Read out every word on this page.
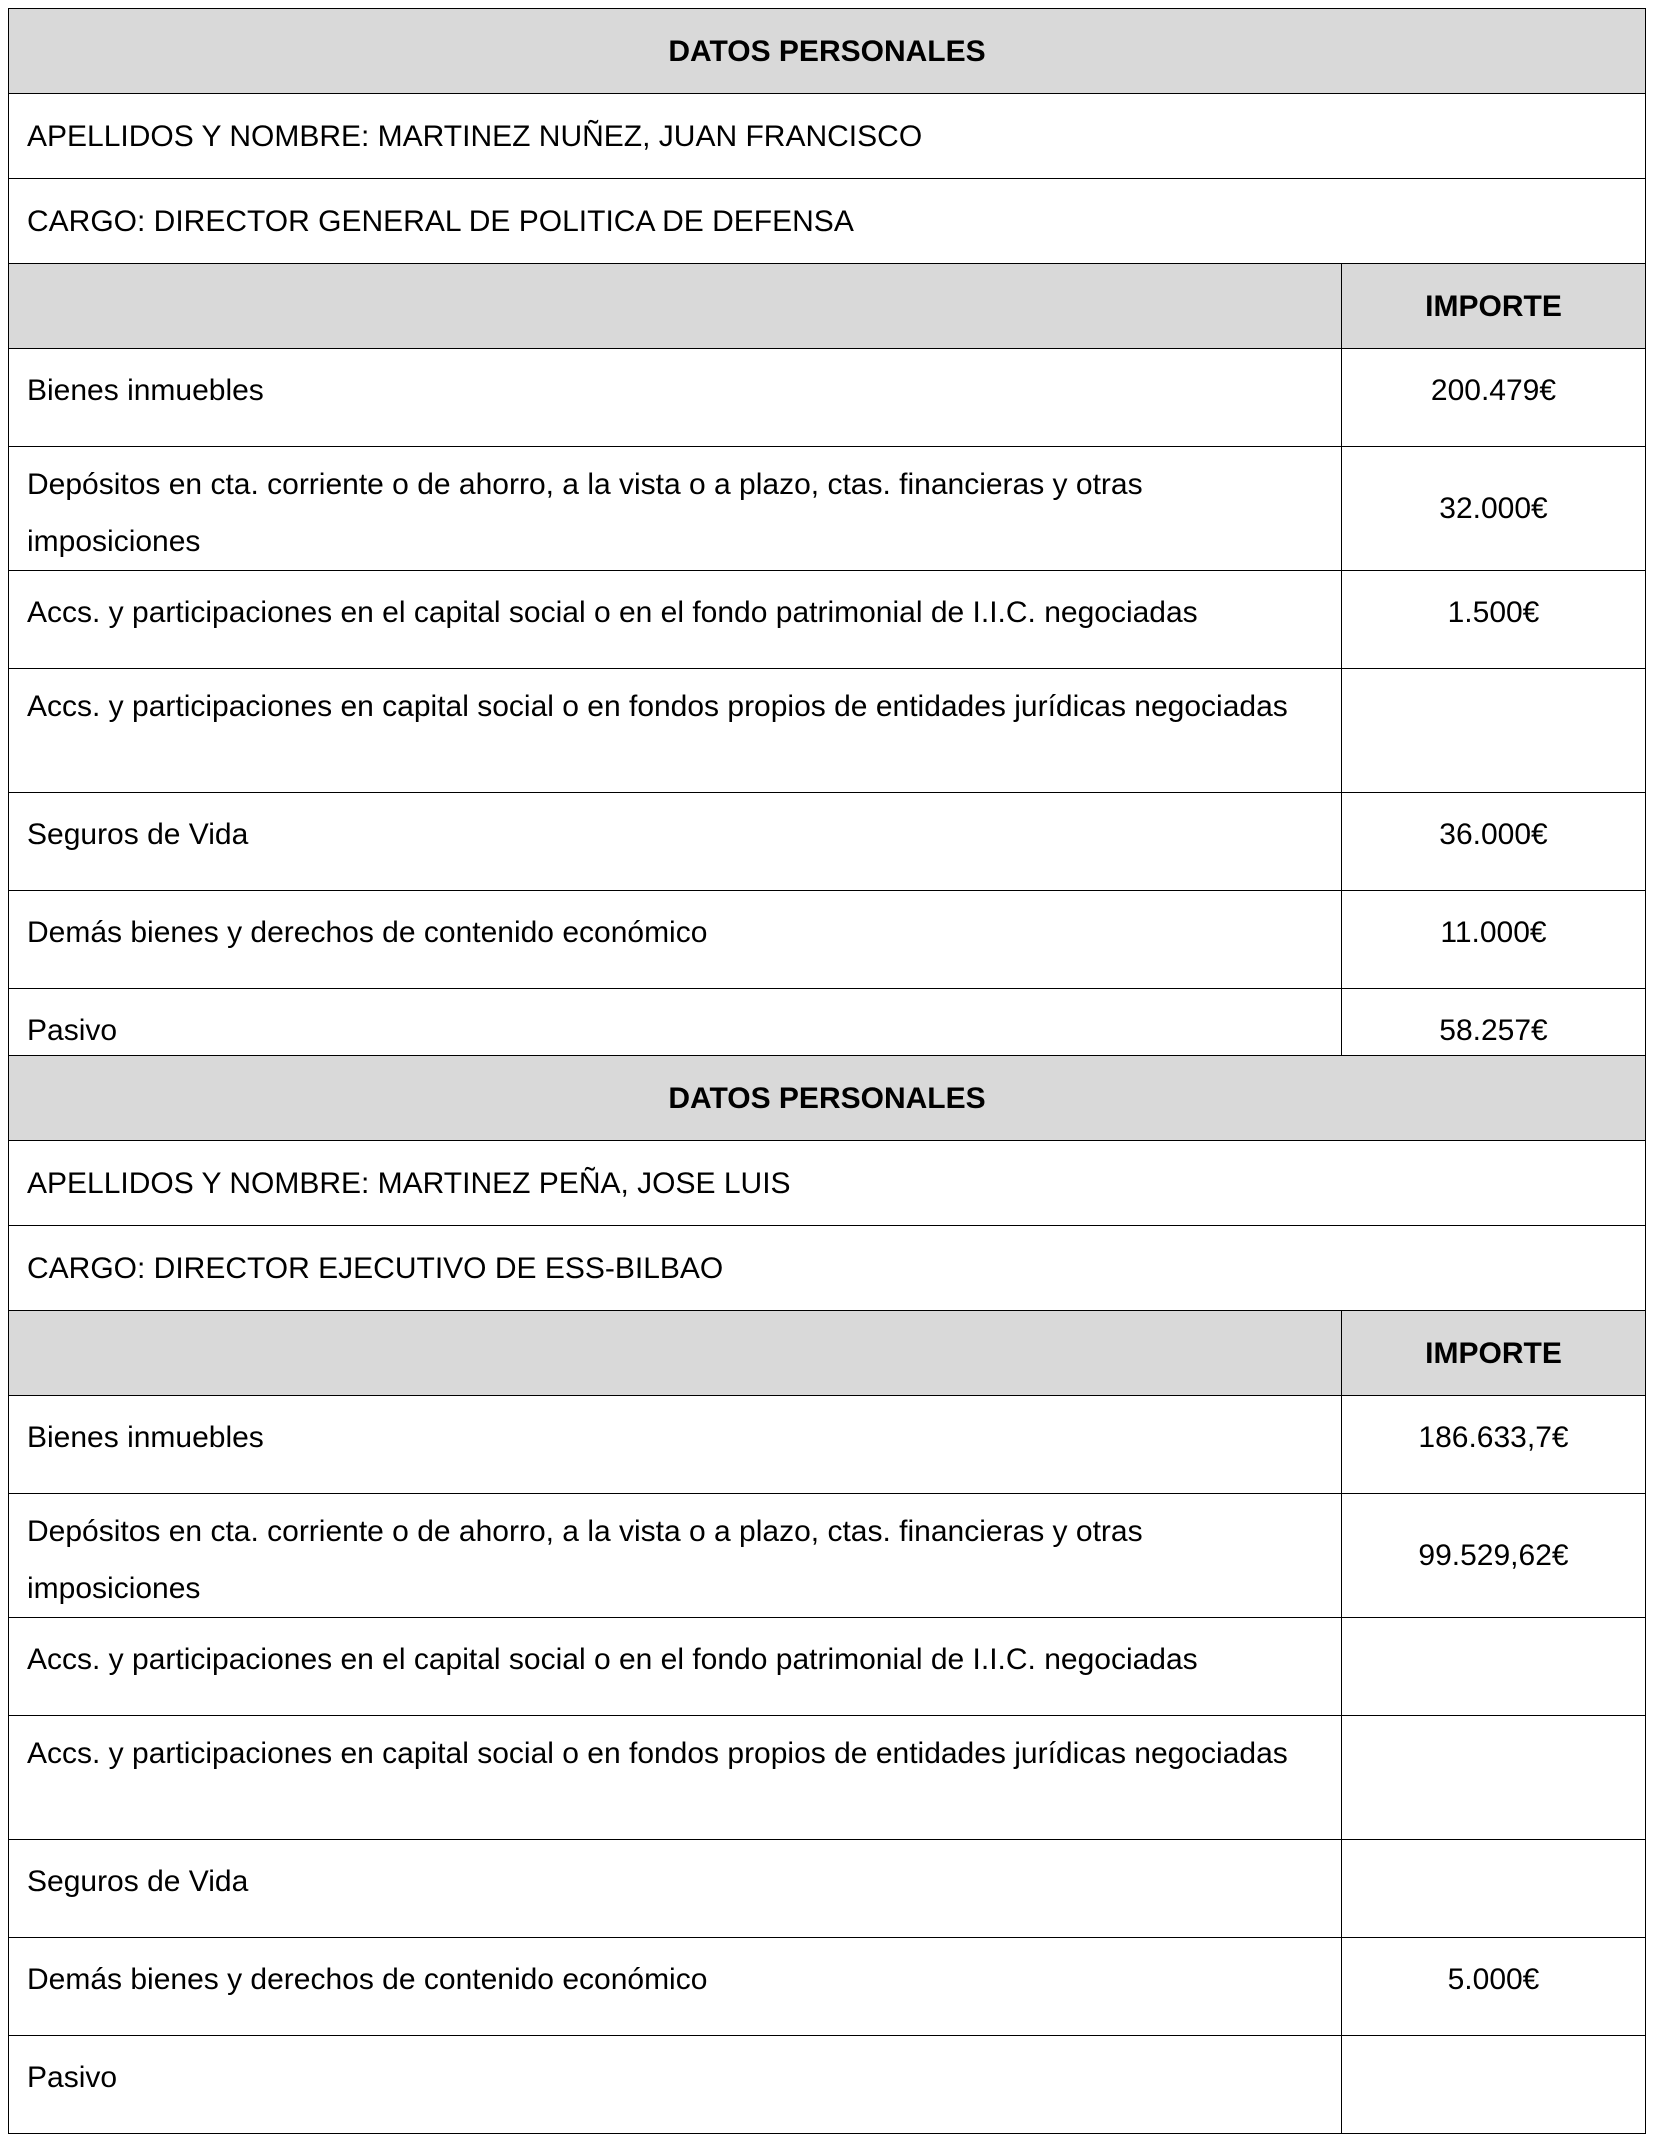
DATOS PERSONALES	
APELLIDOS Y NOMBRE: MARTINEZ NUÑEZ, JUAN FRANCISCO	
CARGO: DIRECTOR GENERAL DE POLITICA DE DEFENSA	
	IMPORTE
Bienes inmuebles	200.479€
Depósitos en cta. corriente o de ahorro, a la vista o a plazo, ctas. financieras y otras imposiciones	32.000€
Accs. y participaciones en el capital social o en el fondo patrimonial de I.I.C. negociadas	1.500€
Accs. y participaciones en capital social o en fondos propios de entidades jurídicas negociadas	
Seguros de Vida	36.000€
Demás bienes y derechos de contenido económico	11.000€
Pasivo	58.257€
DATOS PERSONALES	
APELLIDOS Y NOMBRE: MARTINEZ PEÑA, JOSE LUIS	
CARGO: DIRECTOR EJECUTIVO DE ESS-BILBAO	
	IMPORTE
Bienes inmuebles	186.633,7€
Depósitos en cta. corriente o de ahorro, a la vista o a plazo, ctas. financieras y otras imposiciones	99.529,62€
Accs. y participaciones en el capital social o en el fondo patrimonial de I.I.C. negociadas	
Accs. y participaciones en capital social o en fondos propios de entidades jurídicas negociadas	
Seguros de Vida	
Demás bienes y derechos de contenido económico	5.000€
Pasivo	
